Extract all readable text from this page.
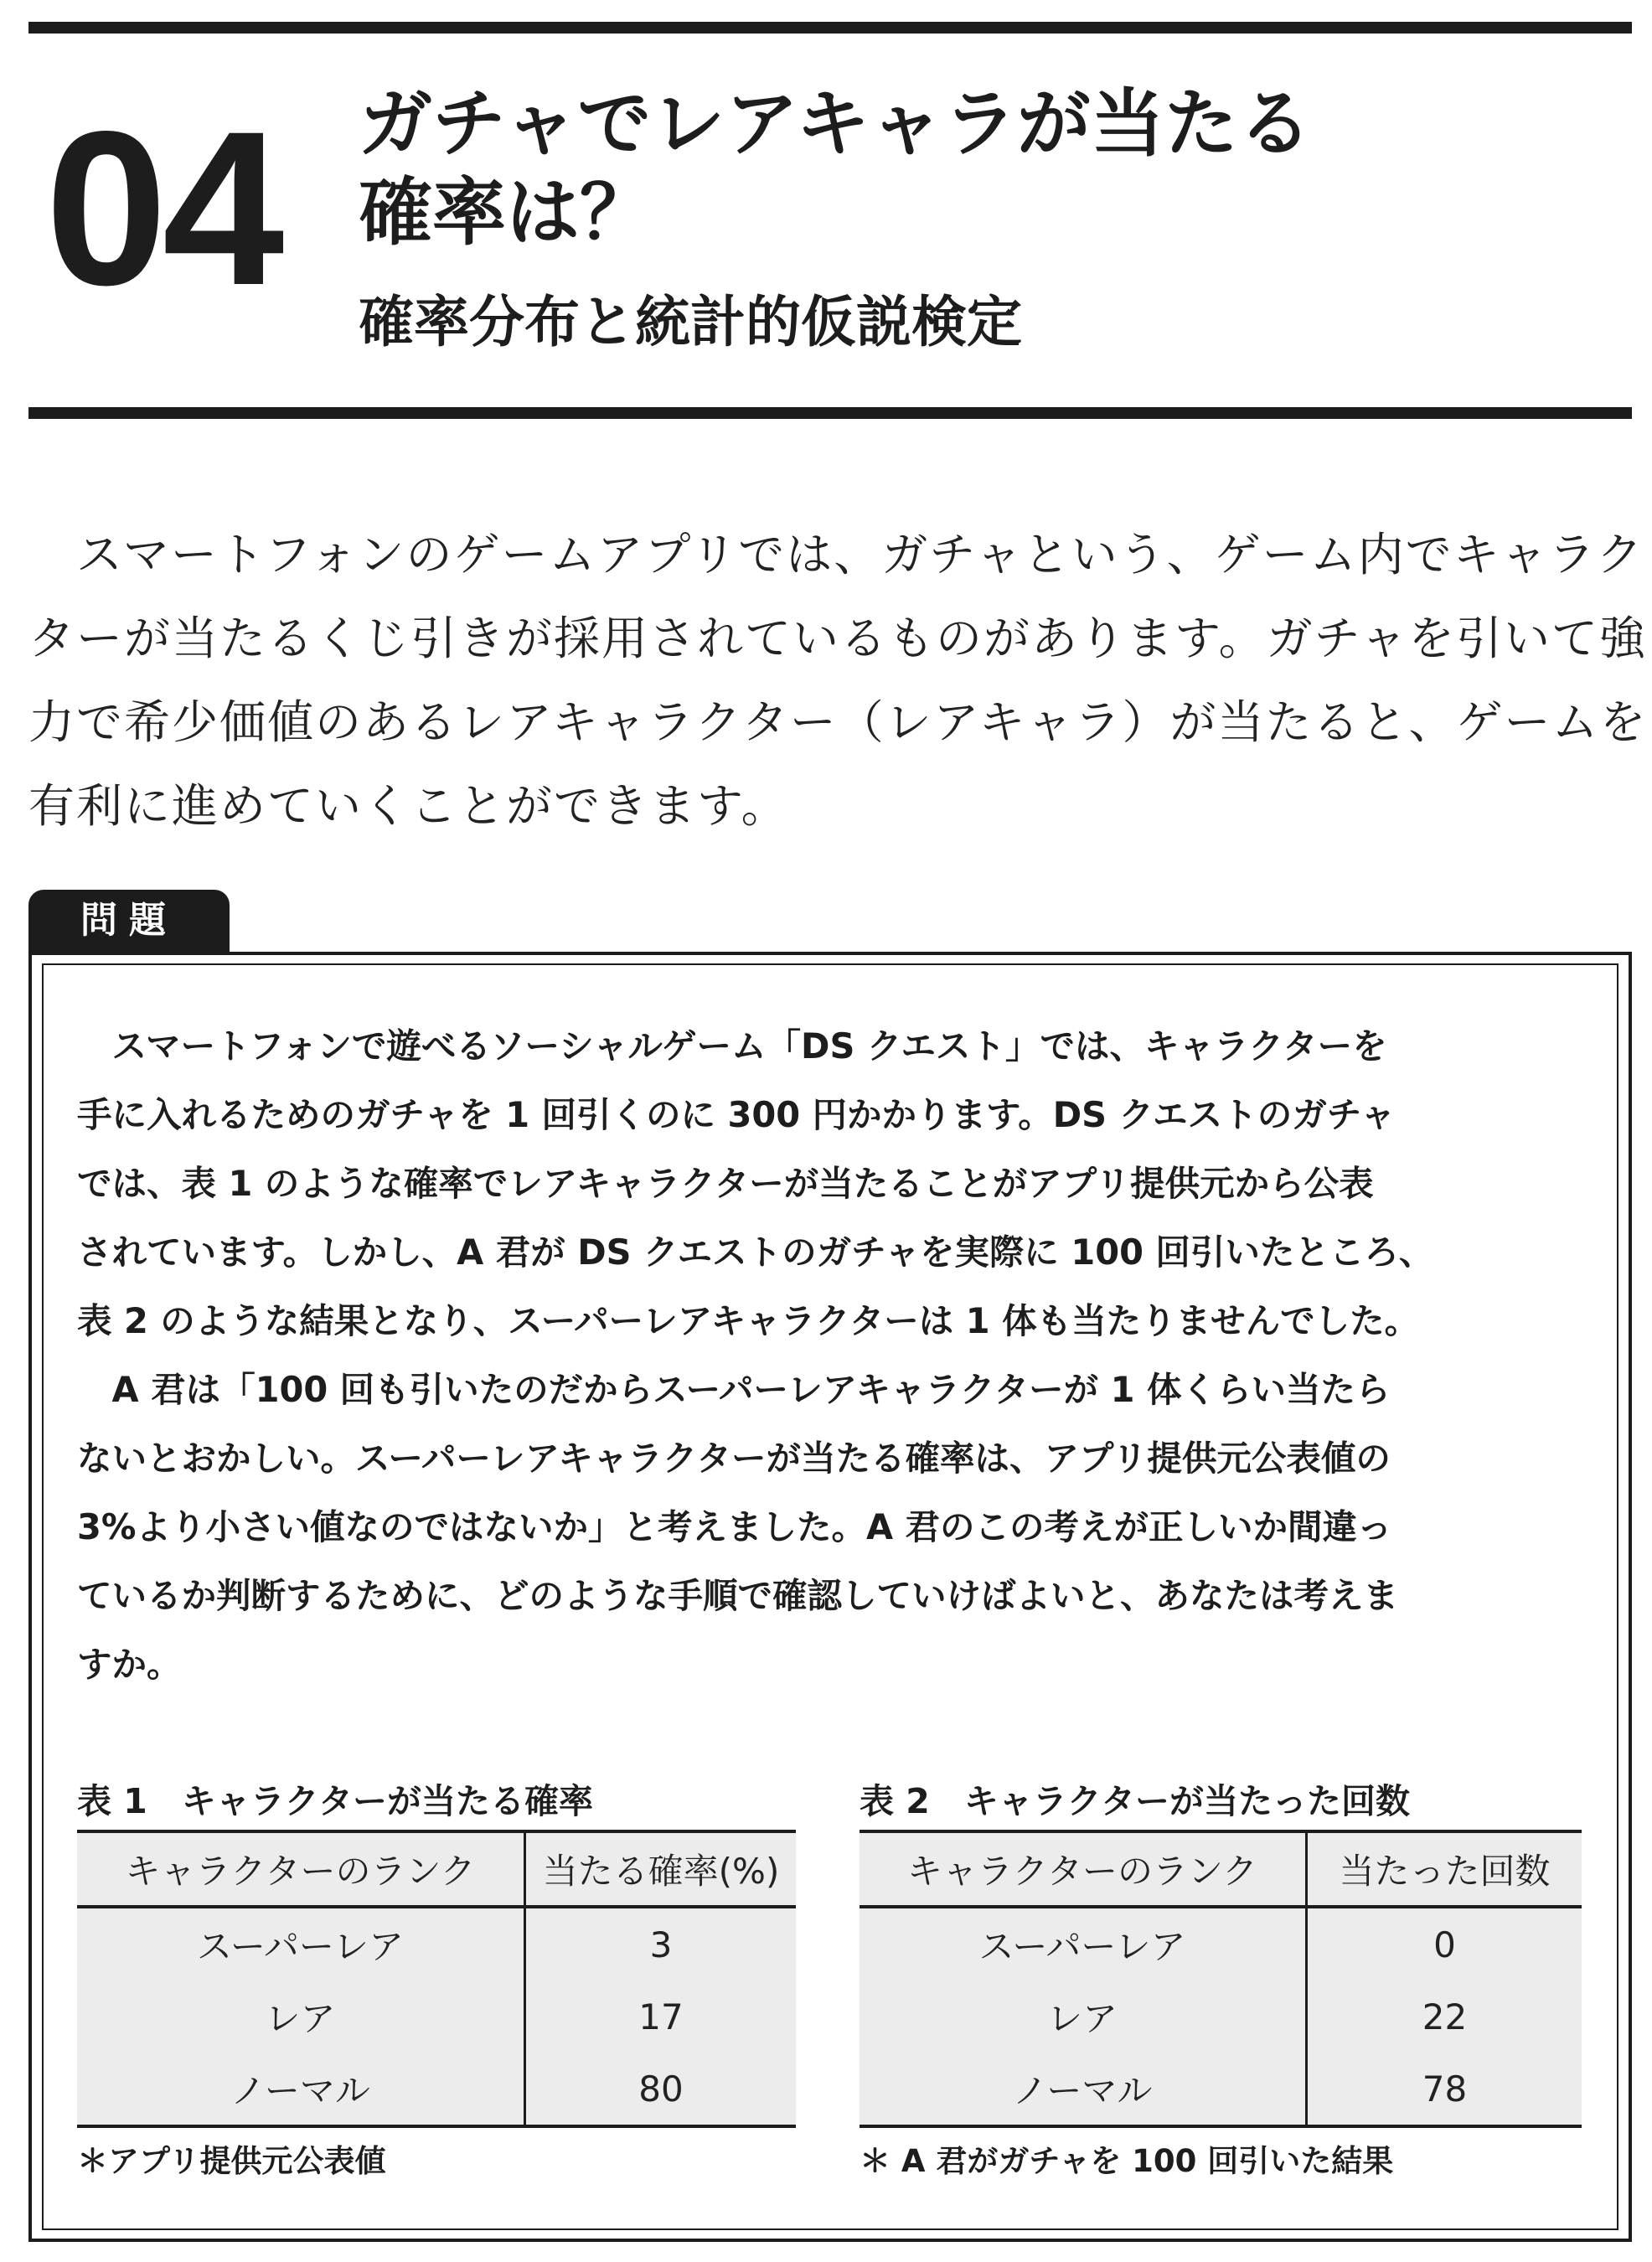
04 ガチャでレアキャラが当たる
確率は？
確率分布と統計的仮説検定
　スマートフォンのゲームアプリでは、ガチャという、ゲーム内でキャラク
ターが当たるくじ引きが採用されているものがあります。ガチャを引いて強
力で希少価値のあるレアキャラクター（レアキャラ）が当たると、ゲームを
有利に進めていくことができます。
問題
　スマートフォンで遊べるソーシャルゲーム「DS クエスト」では、キャラクターを
手に入れるためのガチャを 1 回引くのに 300 円かかります。DS クエストのガチャ
では、表 1 のような確率でレアキャラクターが当たることがアプリ提供元から公表
されています。しかし、A 君が DS クエストのガチャを実際に 100 回引いたところ、
表 2 のような結果となり、スーパーレアキャラクターは 1 体も当たりませんでした。
　A 君は「100 回も引いたのだからスーパーレアキャラクターが 1 体くらい当たら
ないとおかしい。スーパーレアキャラクターが当たる確率は、アプリ提供元公表値の
3%より小さい値なのではないか」と考えました。A 君のこの考えが正しいか間違っ
ているか判断するために、どのような手順で確認していけばよいと、あなたは考えま
すか。
表 1　キャラクターが当たる確率
キャラクターのランク	当たる確率(%)
スーパーレア	3
レア	17
ノーマル	80
＊アプリ提供元公表値
表 2　キャラクターが当たった回数
キャラクターのランク	当たった回数
スーパーレア	0
レア	22
ノーマル	78
＊ A 君がガチャを 100 回引いた結果
